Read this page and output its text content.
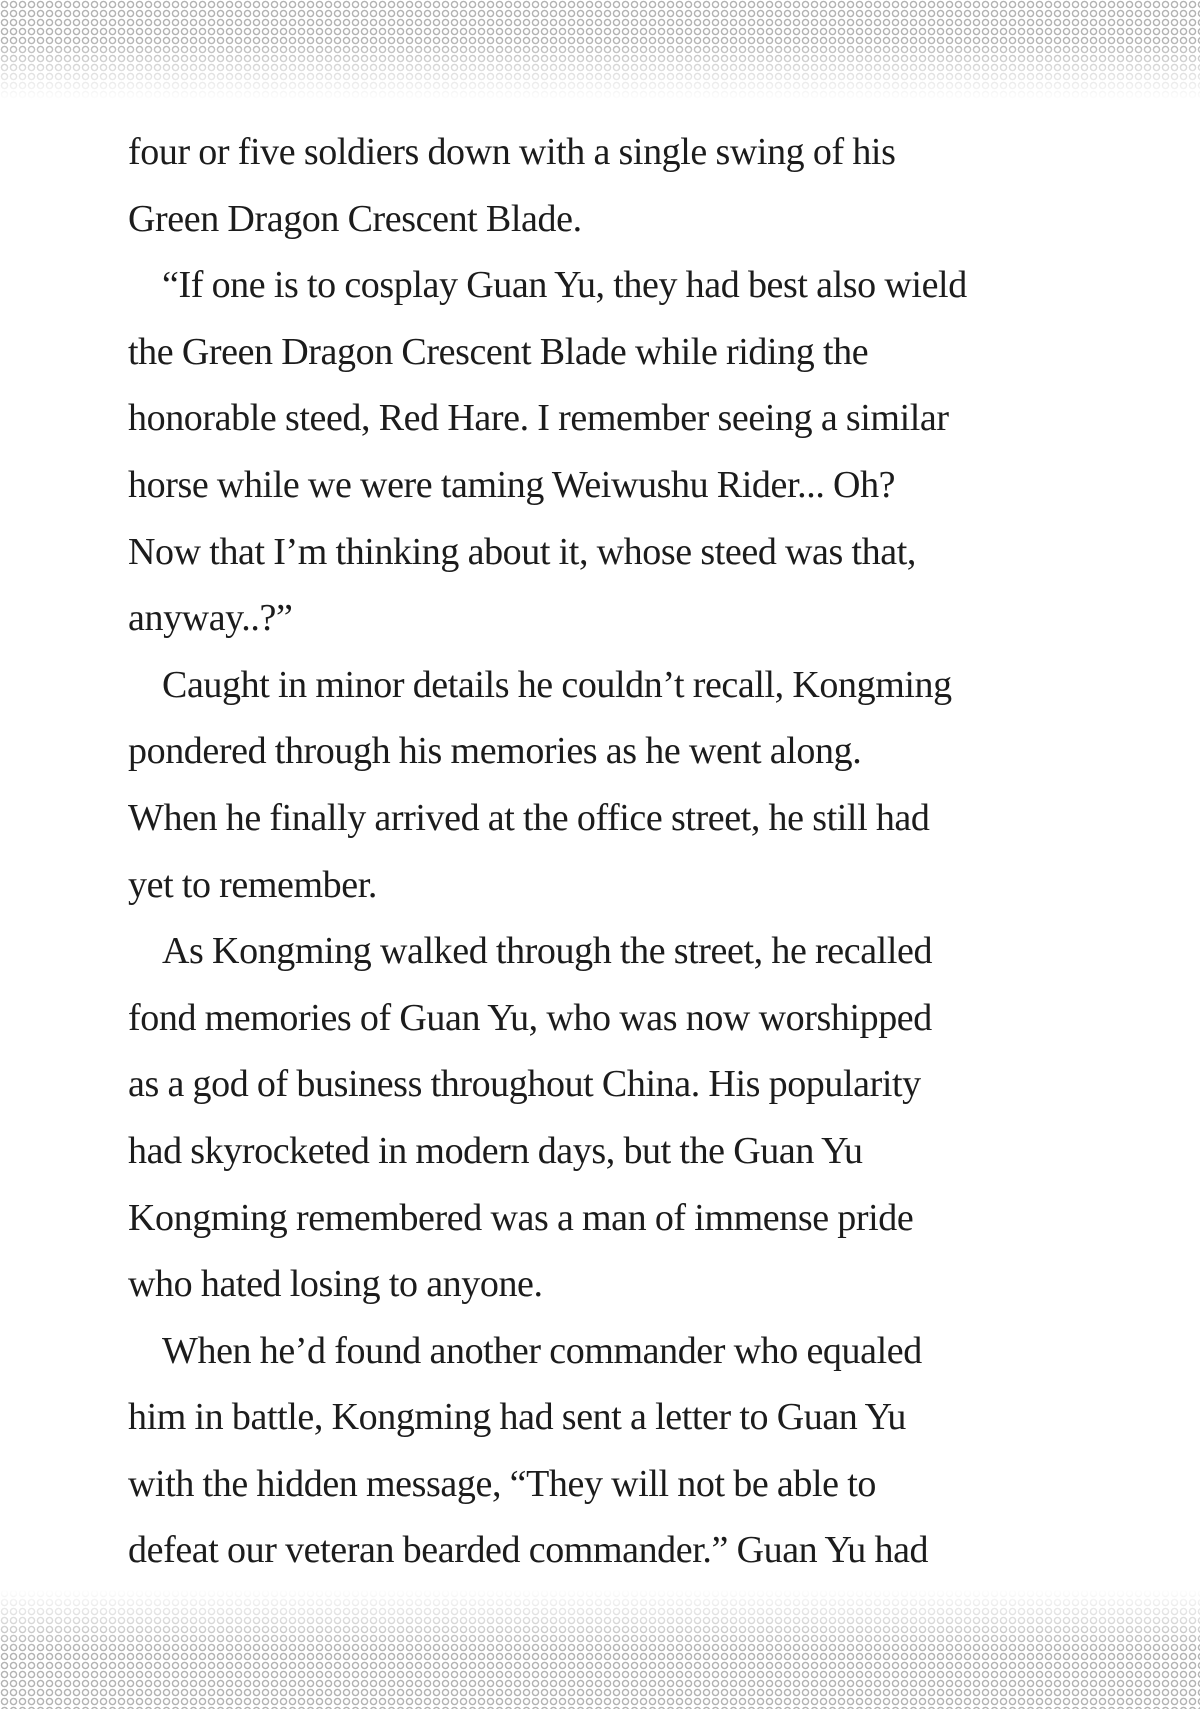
four or five soldiers down with a single swing of his
Green Dragon Crescent Blade.
“If one is to cosplay Guan Yu, they had best also wield
the Green Dragon Crescent Blade while riding the
honorable steed, Red Hare. I remember seeing a similar
horse while we were taming Weiwushu Rider... Oh?
Now that I’m thinking about it, whose steed was that,
anyway..?”
Caught in minor details he couldn’t recall, Kongming
pondered through his memories as he went along.
When he finally arrived at the office street, he still had
yet to remember.
As Kongming walked through the street, he recalled
fond memories of Guan Yu, who was now worshipped
as a god of business throughout China. His popularity
had skyrocketed in modern days, but the Guan Yu
Kongming remembered was a man of immense pride
who hated losing to anyone.
When he’d found another commander who equaled
him in battle, Kongming had sent a letter to Guan Yu
with the hidden message, “They will not be able to
defeat our veteran bearded commander.” Guan Yu had
